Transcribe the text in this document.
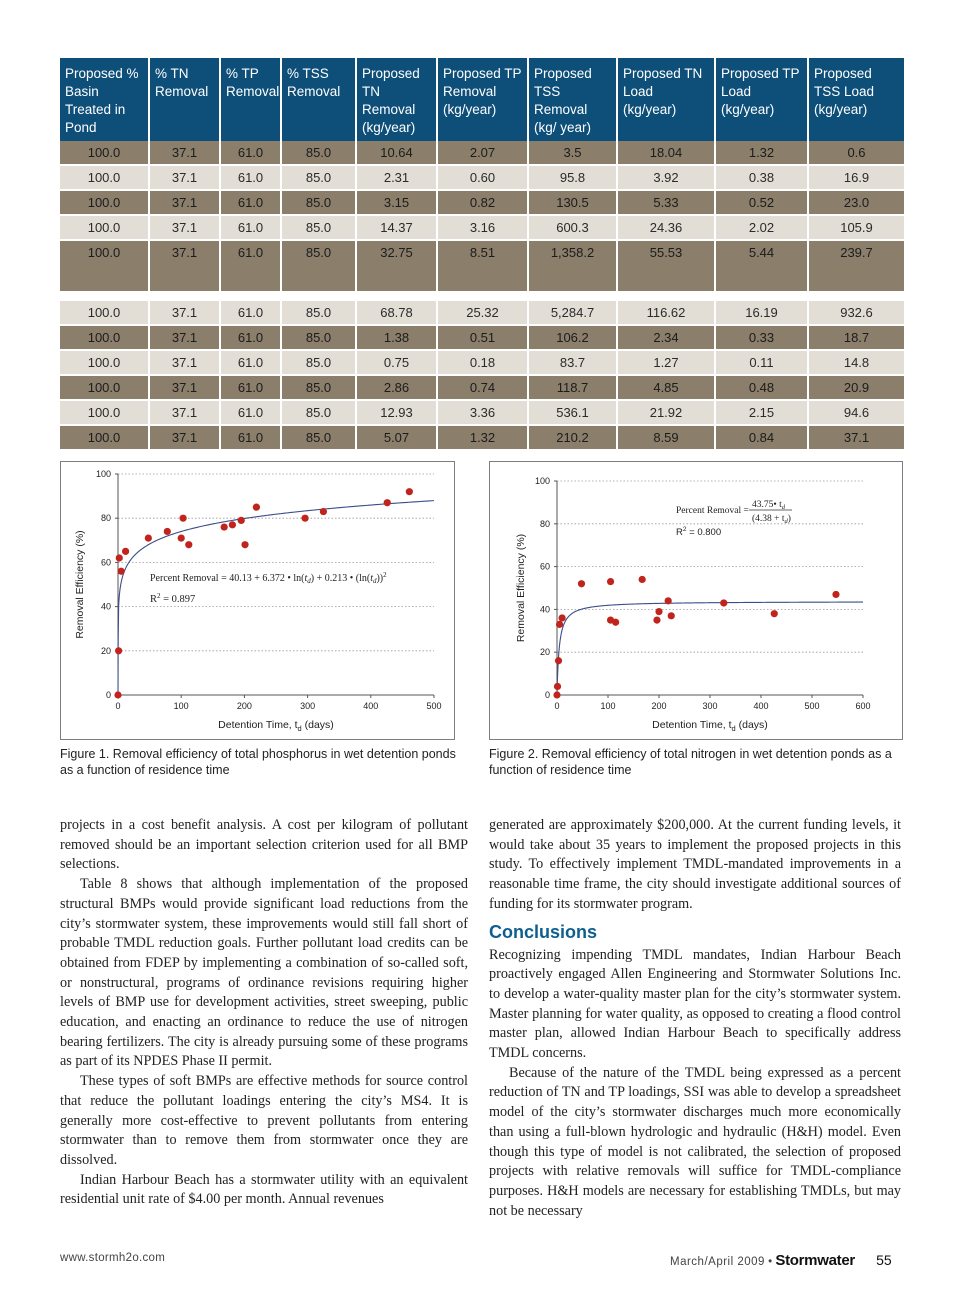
Proposed % Basin Treated in Pond	% TN Removal	% TP Removal	% TSS Removal	Proposed TN Removal (kg/year)	Proposed TP Removal (kg/year)	Proposed TSS Removal (kg/ year)	Proposed TN Load (kg/year)	Proposed TP Load (kg/year)	Proposed TSS Load (kg/year)
100.0	37.1	61.0	85.0	10.64	2.07	3.5	18.04	1.32	0.6
100.0	37.1	61.0	85.0	2.31	0.60	95.8	3.92	0.38	16.9
100.0	37.1	61.0	85.0	3.15	0.82	130.5	5.33	0.52	23.0
100.0	37.1	61.0	85.0	14.37	3.16	600.3	24.36	2.02	105.9
100.0	37.1	61.0	85.0	32.75	8.51	1,358.2	55.53	5.44	239.7

100.0	37.1	61.0	85.0	68.78	25.32	5,284.7	116.62	16.19	932.6
100.0	37.1	61.0	85.0	1.38	0.51	106.2	2.34	0.33	18.7
100.0	37.1	61.0	85.0	0.75	0.18	83.7	1.27	0.11	14.8
100.0	37.1	61.0	85.0	2.86	0.74	118.7	4.85	0.48	20.9
100.0	37.1	61.0	85.0	12.93	3.36	536.1	21.92	2.15	94.6
100.0	37.1	61.0	85.0	5.07	1.32	210.2	8.59	0.84	37.1
0
20
40
60
80
100
0	100	200	300	400	500
Removal Efficiency (%)
Detention Time, $t_d$ (days)
Percent Removal = 40.13 + 6.372 • $\ln(t_d) + 0.213$ • $(\ln(t_d))^2$
$R^2 = 0.897$
Figure 1. Removal efficiency of total phosphorus in wet detention ponds as a function of residence time
0
20
40
60
80
100
0	100	200	300	400	500	600
Removal Efficiency (%)
Detention Time, $t_d$ (days)
Percent Removal =
43.75• $t_d$
$(4.38 + t_d)$
$R^2 = 0.800$
Figure 2. Removal efficiency of total nitrogen in wet detention ponds as a function of residence time

projects in a cost benefit analysis. A cost per kilogram of pollutant removed should be an important selection criterion used for all BMP selections.

Table 8 shows that although implementation of the proposed structural BMPs would provide significant load reductions from the city’s stormwater system, these improvements would still fall short of probable TMDL reduction goals. Further pollutant load credits can be obtained from FDEP by implementing a combination of so-called soft, or nonstructural, programs of ordinance revisions requiring higher levels of BMP use for development activities, street sweeping, public education, and enacting an ordinance to reduce the use of nitrogen bearing fertilizers. The city is already pursuing some of these programs as part of its NPDES Phase II permit.

These types of soft BMPs are effective methods for source control that reduce the pollutant loadings entering the city’s MS4. It is generally more cost-effective to prevent pollutants from entering stormwater than to remove them from stormwater once they are dissolved.

Indian Harbour Beach has a stormwater utility with an equivalent residential unit rate of $4.00 per month. Annual revenues

generated are approximately $200,000. At the current funding levels, it would take about 35 years to implement the proposed projects in this study. To effectively implement TMDL-mandated improvements in a reasonable time frame, the city should investigate additional sources of funding for its stormwater program.

Conclusions

Recognizing impending TMDL mandates, Indian Harbour Beach proactively engaged Allen Engineering and Stormwater Solutions Inc. to develop a water-quality master plan for the city’s stormwater system. Master planning for water quality, as opposed to creating a flood control master plan, allowed Indian Harbour Beach to specifically address TMDL concerns.

Because of the nature of the TMDL being expressed as a percent reduction of TN and TP loadings, SSI was able to develop a spreadsheet model of the city’s stormwater discharges much more economically than using a full-blown hydrologic and hydraulic (H&H) model. Even though this type of model is not calibrated, the selection of proposed projects with relative removals will suffice for TMDL-compliance purposes. H&H models are necessary for establishing TMDLs, but may not be necessary

www.stormh2o.com	March/April 2009 • Stormwater 55
